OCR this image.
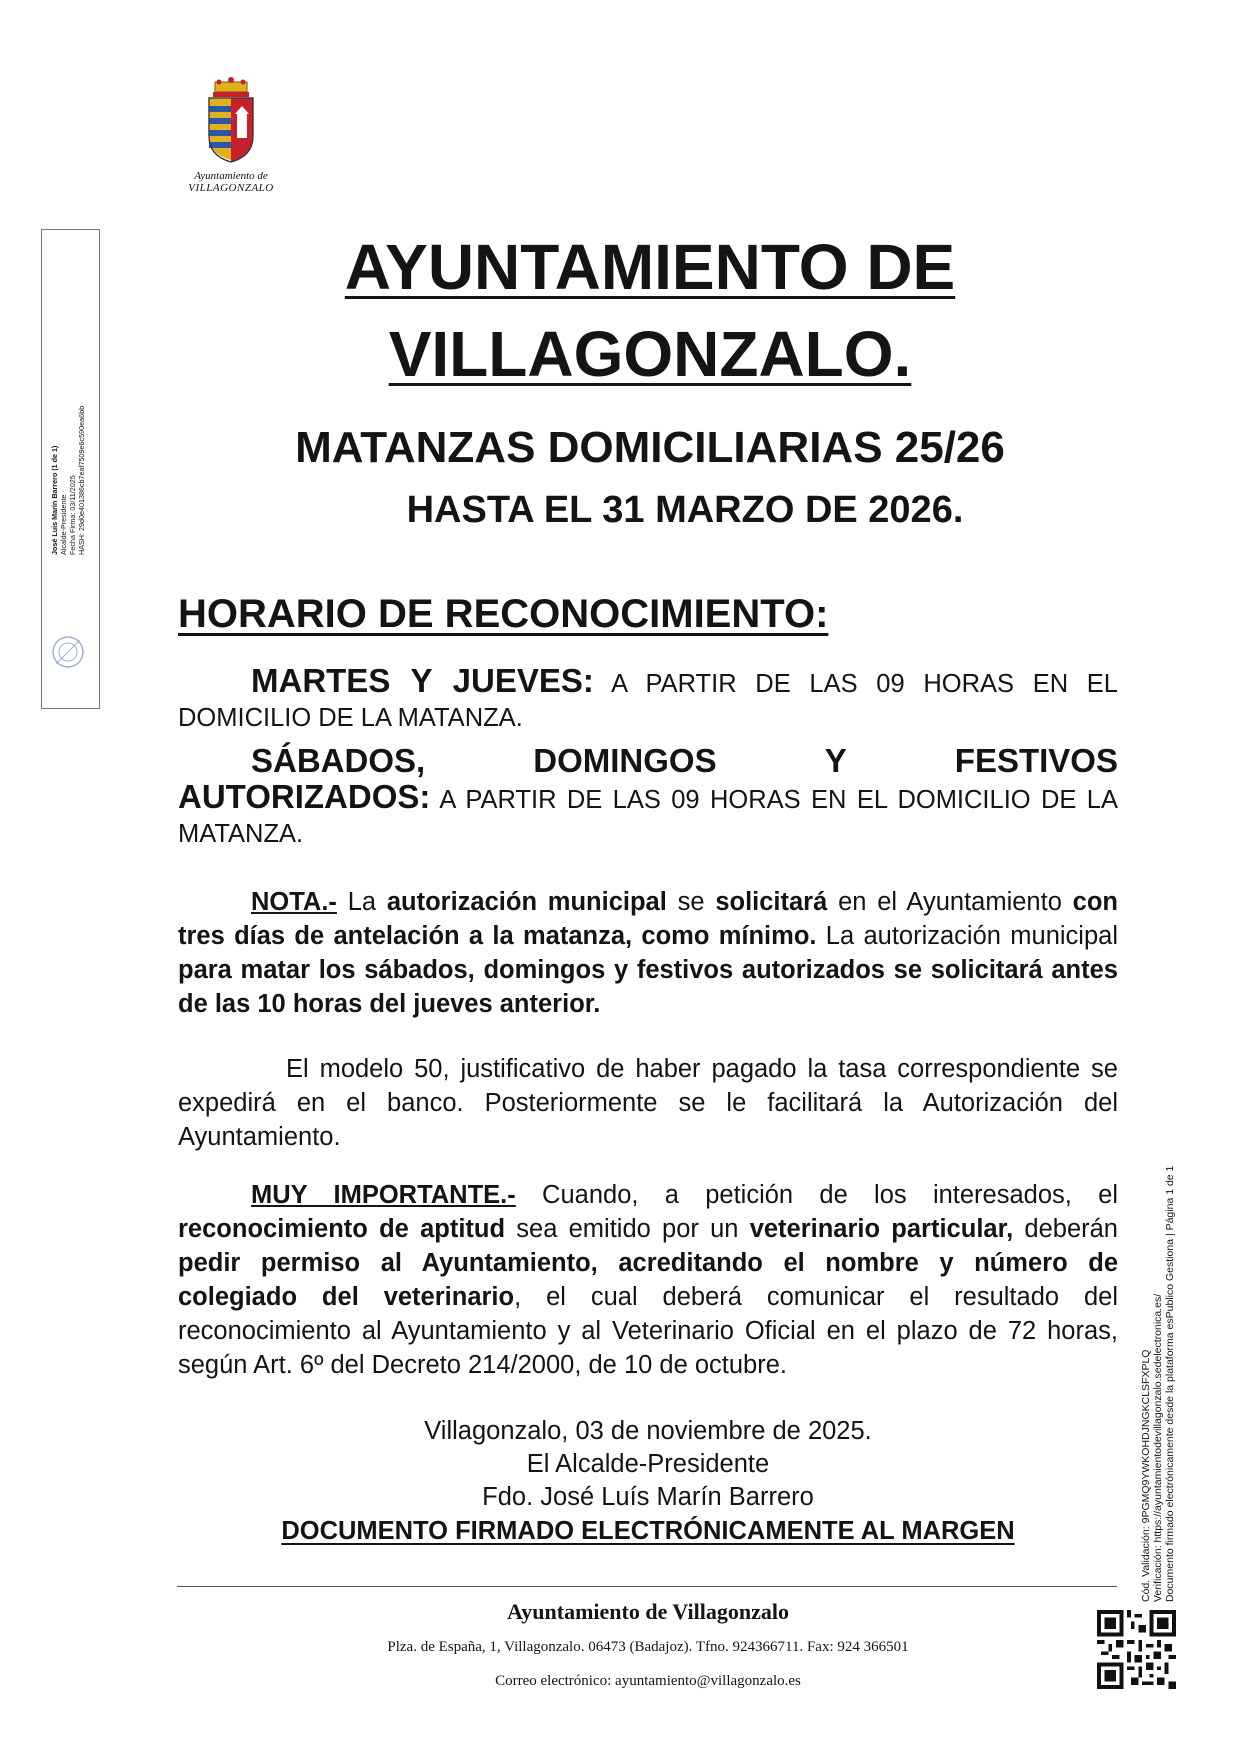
Ayuntamiento de
VILLAGONZALO
José Luis Marín Barrero (1 de 1) Alcalde-Presidente Fecha Firma: 03/11/2025 HASH: 29d0e401386cb7eaf7509e6c590ea6bb
Cód. Validación: 9PGMQ9YWKOHDJNGKCLSFXPLQ Verificación: https://ayuntamientodevillagonzalo.sedelectronica.es/ Documento firmado electrónicamente desde la plataforma esPublico Gestiona | Página 1 de 1
AYUNTAMIENTO DE
VILLAGONZALO.
MATANZAS DOMICILIARIAS 25/26
HASTA EL 31 MARZO DE 2026.
HORARIO DE RECONOCIMIENTO:
MARTES Y JUEVES: A PARTIR DE LAS 09 HORAS EN EL DOMICILIO DE LA MATANZA.
SÁBADOS,	DOMINGOS	Y	FESTIVOS
AUTORIZADOS: A PARTIR DE LAS 09 HORAS EN EL DOMICILIO DE LA MATANZA.
NOTA.- La autorización municipal se solicitará en el Ayuntamiento con tres días de antelación a la matanza, como mínimo. La autorización municipal para matar los sábados, domingos y festivos autorizados se solicitará antes de las 10 horas del jueves anterior.
El modelo 50, justificativo de haber pagado la tasa correspondiente se expedirá en el banco. Posteriormente se le facilitará la Autorización del Ayuntamiento.
MUY IMPORTANTE.- Cuando, a petición de los interesados, el reconocimiento de aptitud sea emitido por un veterinario particular, deberán pedir permiso al Ayuntamiento, acreditando el nombre y número de colegiado del veterinario, el cual deberá comunicar el resultado del reconocimiento al Ayuntamiento y al Veterinario Oficial en el plazo de 72 horas, según Art. 6º del Decreto 214/2000, de 10 de octubre.
Villagonzalo, 03 de noviembre de 2025.
El Alcalde-Presidente
Fdo. José Luís Marín Barrero
DOCUMENTO FIRMADO ELECTRÓNICAMENTE AL MARGEN
Ayuntamiento de Villagonzalo
Plza. de España, 1, Villagonzalo. 06473 (Badajoz). Tfno. 924366711. Fax: 924 366501
Correo electrónico: ayuntamiento@villagonzalo.es
